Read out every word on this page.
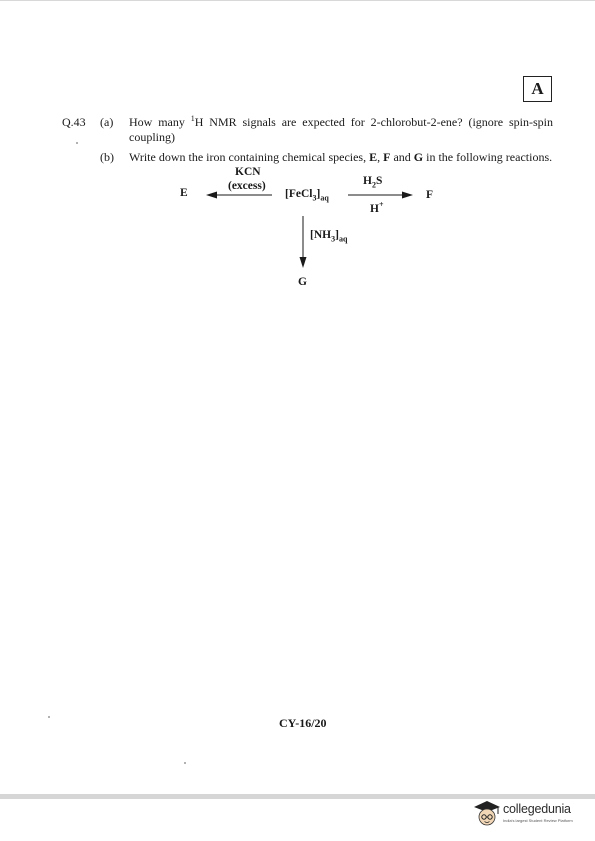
A
Q.43 (a) How many $^1$H NMR signals are expected for 2-chlorobut-2-ene? (ignore spin-spin coupling)
(b) Write down the iron containing chemical species, E, F and G in the following reactions.
KCN
(excess)
E	$[FeCl_3]_{aq}$
$H_2S$
H+
F
$[NH_3]_{aq}$
G
CY-16/20
collegedunia
India's largest Student Review Platform
